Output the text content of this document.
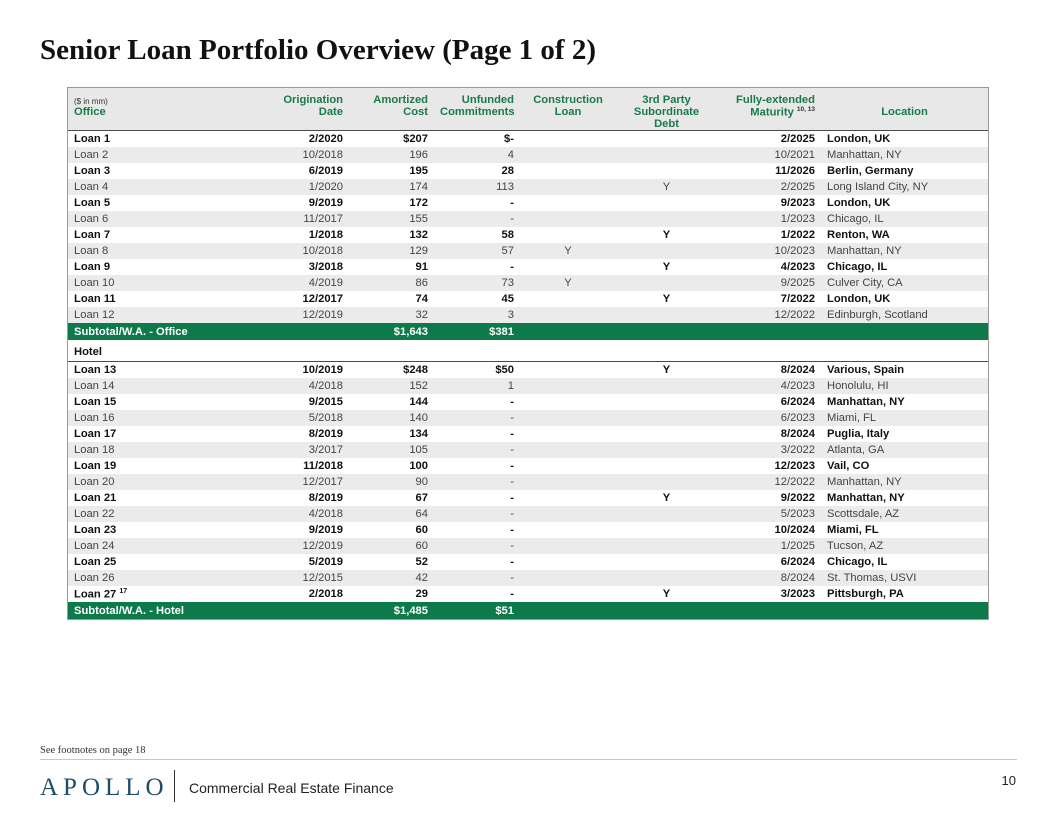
Senior Loan Portfolio Overview (Page 1 of 2)
($ in mm)	Origination	Amortized	Unfunded	Construction	3rd Party	Fully-extended	
Office	Date	Cost	Commitments	Loan	Subordinate Debt	Maturity $^{10, 13}$	Location
Loan 1	2/2020	$207	$-			2/2025	London, UK
Loan 2	10/2018	196	4			10/2021	Manhattan, NY
Loan 3	6/2019	195	28			11/2026	Berlin, Germany
Loan 4	1/2020	174	113		Y	2/2025	Long Island City, NY
Loan 5	9/2019	172	-			9/2023	London, UK
Loan 6	11/2017	155	-			1/2023	Chicago, IL
Loan 7	1/2018	132	58		Y	1/2022	Renton, WA
Loan 8	10/2018	129	57	Y		10/2023	Manhattan, NY
Loan 9	3/2018	91	-		Y	4/2023	Chicago, IL
Loan 10	4/2019	86	73	Y		9/2025	Culver City, CA
Loan 11	12/2017	74	45		Y	7/2022	London, UK
Loan 12	12/2019	32	3			12/2022	Edinburgh, Scotland
Subtotal/W.A. - Office		$1,643	$381				
Hotel							
Loan 13	10/2019	$248	$50		Y	8/2024	Various, Spain
Loan 14	4/2018	152	1			4/2023	Honolulu, HI
Loan 15	9/2015	144	-			6/2024	Manhattan, NY
Loan 16	5/2018	140	-			6/2023	Miami, FL
Loan 17	8/2019	134	-			8/2024	Puglia, Italy
Loan 18	3/2017	105	-			3/2022	Atlanta, GA
Loan 19	11/2018	100	-			12/2023	Vail, CO
Loan 20	12/2017	90	-			12/2022	Manhattan, NY
Loan 21	8/2019	67	-		Y	9/2022	Manhattan, NY
Loan 22	4/2018	64	-			5/2023	Scottsdale, AZ
Loan 23	9/2019	60	-			10/2024	Miami, FL
Loan 24	12/2019	60	-			1/2025	Tucson, AZ
Loan 25	5/2019	52	-			6/2024	Chicago, IL
Loan 26	12/2015	42	-			8/2024	St. Thomas, USVI
Loan 27 $^{17}$	2/2018	29	-		Y	3/2023	Pittsburgh, PA
Subtotal/W.A. - Hotel		$1,485	$51				
See footnotes on page 18
APOLLO Commercial Real Estate Finance	10
